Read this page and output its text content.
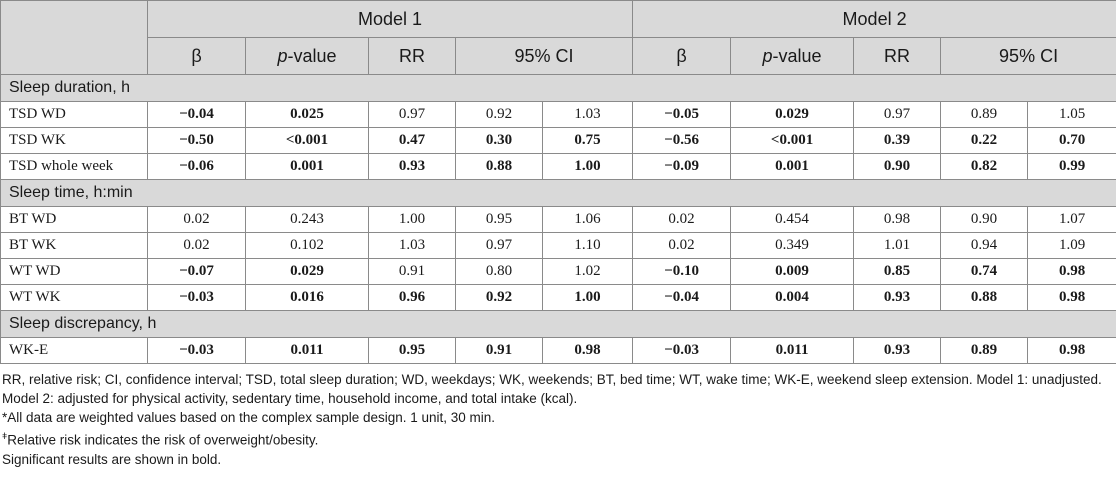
	Model 1					Model 2				
	β	p-value	RR	95% CI		β	p-value	RR	95% CI	
Sleep duration, h										
TSD WD	−0.04	0.025	0.97	0.92	1.03	−0.05	0.029	0.97	0.89	1.05
TSD WK	−0.50	<0.001	0.47	0.30	0.75	−0.56	<0.001	0.39	0.22	0.70
TSD whole week	−0.06	0.001	0.93	0.88	1.00	−0.09	0.001	0.90	0.82	0.99
Sleep time, h:min										
BT WD	0.02	0.243	1.00	0.95	1.06	0.02	0.454	0.98	0.90	1.07
BT WK	0.02	0.102	1.03	0.97	1.10	0.02	0.349	1.01	0.94	1.09
WT WD	−0.07	0.029	0.91	0.80	1.02	−0.10	0.009	0.85	0.74	0.98
WT WK	−0.03	0.016	0.96	0.92	1.00	−0.04	0.004	0.93	0.88	0.98
Sleep discrepancy, h										
WK-E	−0.03	0.011	0.95	0.91	0.98	−0.03	0.011	0.93	0.89	0.98

RR, relative risk; CI, confidence interval; TSD, total sleep duration; WD, weekdays; WK, weekends; BT, bed time; WT, wake time; WK-E, weekend sleep extension. Model 1: unadjusted. Model 2: adjusted for physical activity, sedentary time, household income, and total intake (kcal).

*All data are weighted values based on the complex sample design. 1 unit, 30 min.

$^ǂ$Relative risk indicates the risk of overweight/obesity.

Significant results are shown in bold.
